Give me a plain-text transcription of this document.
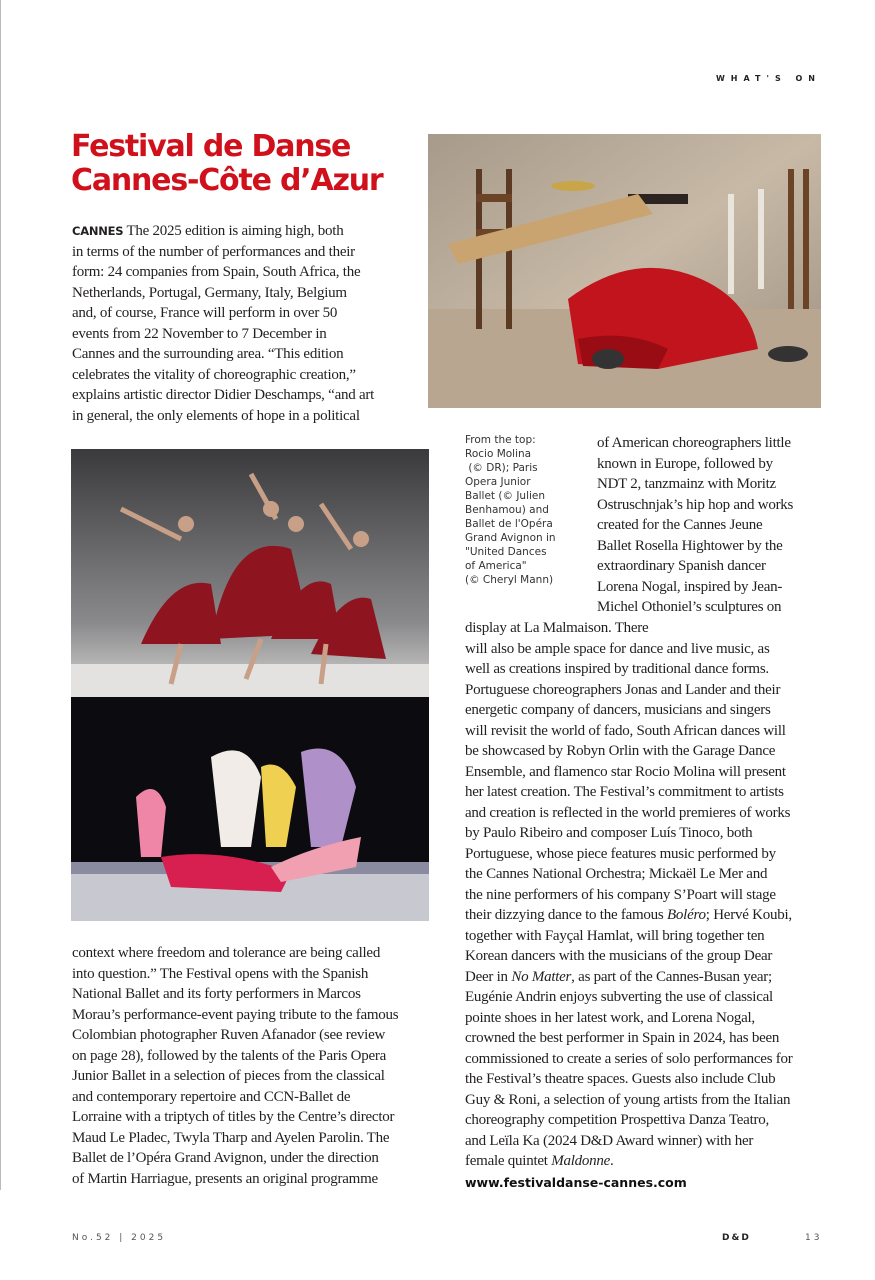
WHAT'S ON
Festival de Danse
Cannes-Côte d’Azur
CANNES The 2025 edition is aiming high, both
in terms of the number of performances and their
form: 24 companies from Spain, South Africa, the
Netherlands, Portugal, Germany, Italy, Belgium
and, of course, France will perform in over 50
events from 22 November to 7 December in
Cannes and the surrounding area. “This edition
celebrates the vitality of choreographic creation,”
explains artistic director Didier Deschamps, “and art
in general, the only elements of hope in a political
context where freedom and tolerance are being called
into question.” The Festival opens with the Spanish
National Ballet and its forty performers in Marcos
Morau’s performance-event paying tribute to the famous
Colombian photographer Ruven Afanador (see review
on page 28), followed by the talents of the Paris Opera
Junior Ballet in a selection of pieces from the classical
and contemporary repertoire and CCN-Ballet de
Lorraine with a triptych of titles by the Centre’s director
Maud Le Pladec, Twyla Tharp and Ayelen Parolin. The
Ballet de l’Opéra Grand Avignon, under the direction
of Martin Harriague, presents an original programme
of American choreographers little
known in Europe, followed by
NDT 2, tanzmainz with Moritz
Ostruschnjak’s hip hop and works
created for the Cannes Jeune
Ballet Rosella Hightower by the
extraordinary Spanish dancer
Lorena Nogal, inspired by Jean-
Michel Othoniel’s sculptures on
display at La Malmaison. There
will also be ample space for dance and live music, as
well as creations inspired by traditional dance forms.
Portuguese choreographers Jonas and Lander and their
energetic company of dancers, musicians and singers
will revisit the world of fado, South African dances will
be showcased by Robyn Orlin with the Garage Dance
Ensemble, and flamenco star Rocio Molina will present
her latest creation. The Festival’s commitment to artists
and creation is reflected in the world premieres of works
by Paulo Ribeiro and composer Luís Tinoco, both
Portuguese, whose piece features music performed by
the Cannes National Orchestra; Mickaël Le Mer and
the nine performers of his company S’Poart will stage
their dizzying dance to the famous Boléro; Hervé Koubi,
together with Fayçal Hamlat, will bring together ten
Korean dancers with the musicians of the group Dear
Deer in No Matter, as part of the Cannes-Busan year;
Eugénie Andrin enjoys subverting the use of classical
pointe shoes in her latest work, and Lorena Nogal,
crowned the best performer in Spain in 2024, has been
commissioned to create a series of solo performances for
the Festival’s theatre spaces. Guests also include Club
Guy & Roni, a selection of young artists from the Italian
choreography competition Prospettiva Danza Teatro,
and Leïla Ka (2024 D&D Award winner) with her
female quintet Maldonne.
From the top:
Rocio Molina
(© DR); Paris
Opera Junior
Ballet (© Julien
Benhamou) and
Ballet de l'Opéra
Grand Avignon in
"United Dances
of America"
(© Cheryl Mann)
www.festivaldanse-cannes.com
No.52 | 2025	D&D	13
